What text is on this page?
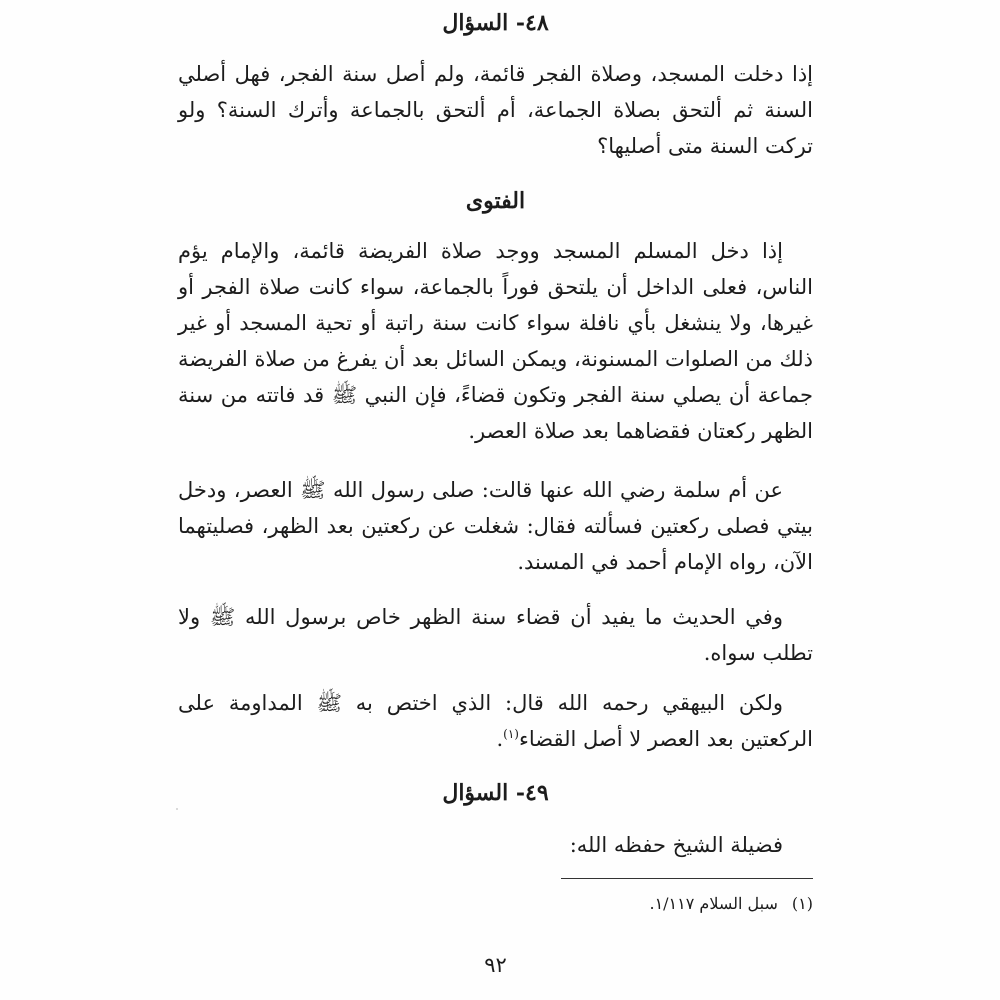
٤٨- السؤال

إذا دخلت المسجد، وصلاة الفجر قائمة، ولم أصل سنة الفجر، فهل أصلي السنة ثم ألتحق بصلاة الجماعة، أم ألتحق بالجماعة وأترك السنة؟ ولو تركت السنة متى أصليها؟

الفتوى

إذا دخل المسلم المسجد ووجد صلاة الفريضة قائمة، والإمام يؤم الناس، فعلى الداخل أن يلتحق فوراً بالجماعة، سواء كانت صلاة الفجر أو غيرها، ولا ينشغل بأي نافلة سواء كانت سنة راتبة أو تحية المسجد أو غير ذلك من الصلوات المسنونة، ويمكن السائل بعد أن يفرغ من صلاة الفريضة جماعة أن يصلي سنة الفجر وتكون قضاءً، فإن النبي ﷺ قد فاتته من سنة الظهر ركعتان فقضاهما بعد صلاة العصر.

عن أم سلمة رضي الله عنها قالت: صلى رسول الله ﷺ العصر، ودخل بيتي فصلى ركعتين فسألته فقال: شغلت عن ركعتين بعد الظهر، فصليتهما الآن، رواه الإمام أحمد في المسند.

وفي الحديث ما يفيد أن قضاء سنة الظهر خاص برسول الله ﷺ ولا تطلب سواه.

ولكن البيهقي رحمه الله قال: الذي اختص به ﷺ المداومة على الركعتين بعد العصر لا أصل القضاء$^{(١)}$.

٤٩- السؤال

فضيلة الشيخ حفظه الله:

(١)سبل السلام ١/١١٧.

٩٢
